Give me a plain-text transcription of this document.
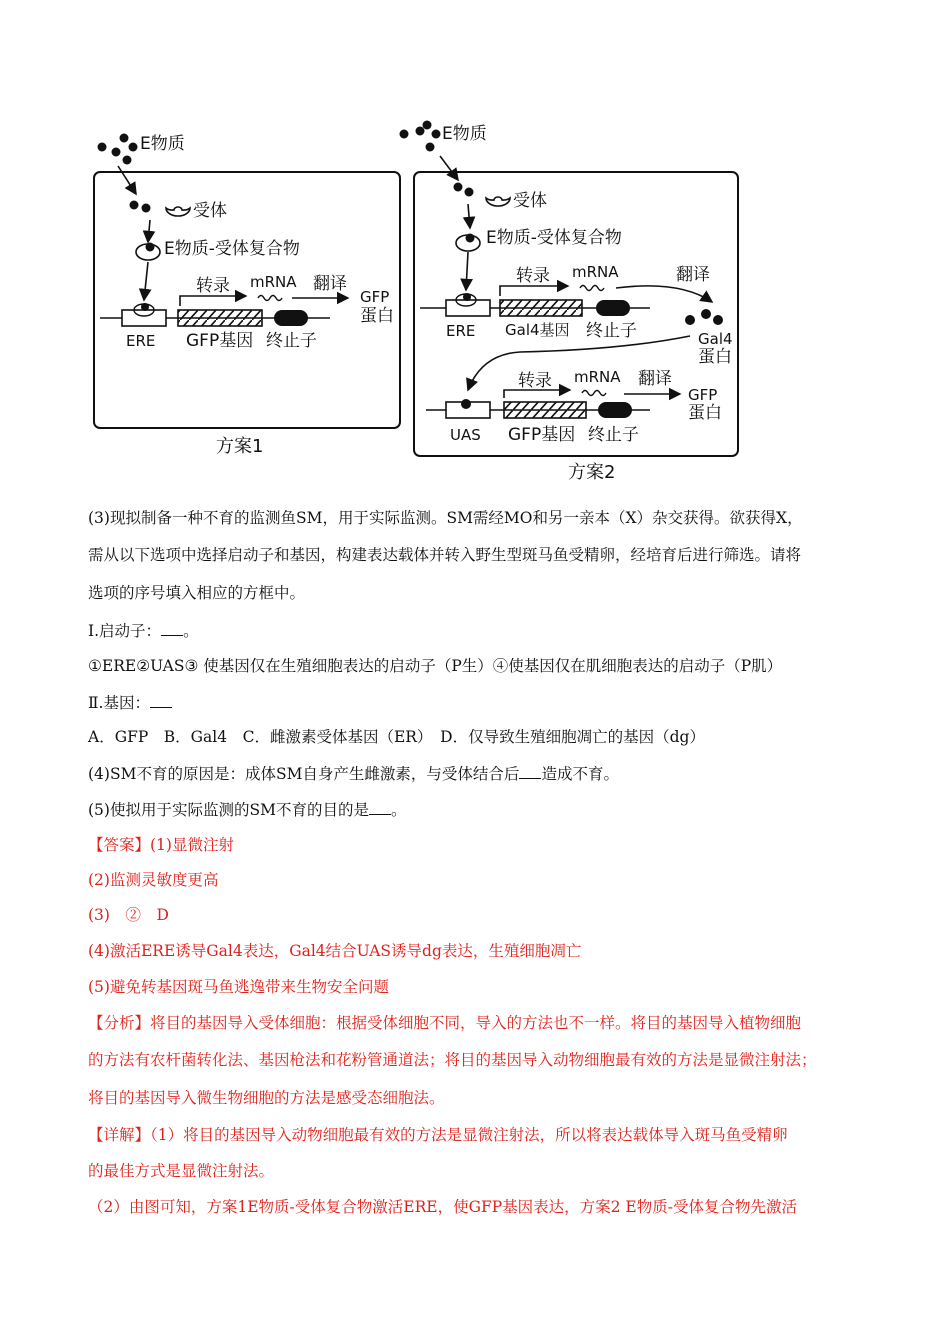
E物质
受体
E物质-受体复合物
ERE GFP基因 终止子
转录 mRNA 翻译
GFP
蛋白
方案1
E物质
受体
E物质-受体复合物
ERE Gal4基因 终止子
转录 mRNA	翻译
Gal4
蛋白
UAS GFP基因 终止子
转录 mRNA 翻译
GFP
蛋白
方案2
(3)现拟制备一种不育的监测鱼SM，用于实际监测。SM需经MO和另一亲本（X）杂交获得。欲获得X，
需从以下选项中选择启动子和基因，构建表达载体并转入野生型斑马鱼受精卵，经培育后进行筛选。请将
选项的序号填入相应的方框中。
Ⅰ.启动子： 。
①ERE②UAS③ 使基因仅在生殖细胞表达的启动子（P生）④使基因仅在肌细胞表达的启动子（P肌）
Ⅱ.基因：
A．GFP　B．Gal4　C．雌激素受体基因（ER）　D．仅导致生殖细胞凋亡的基因（dg）
(4)SM不育的原因是：成体SM自身产生雌激素，与受体结合后 造成不育。
(5)使拟用于实际监测的SM不育的目的是 。
【答案】(1)显微注射
(2)监测灵敏度更高
(3)　②　D
(4)激活ERE诱导Gal4表达，Gal4结合UAS诱导dg表达，生殖细胞凋亡
(5)避免转基因斑马鱼逃逸带来生物安全问题
【分析】将目的基因导入受体细胞：根据受体细胞不同，导入的方法也不一样。将目的基因导入植物细胞
的方法有农杆菌转化法、基因枪法和花粉管通道法；将目的基因导入动物细胞最有效的方法是显微注射法；
将目的基因导入微生物细胞的方法是感受态细胞法。
【详解】（1）将目的基因导入动物细胞最有效的方法是显微注射法，所以将表达载体导入斑马鱼受精卵
的最佳方式是显微注射法。
（2）由图可知，方案1E物质-受体复合物激活ERE，使GFP基因表达，方案2 E物质-受体复合物先激活
